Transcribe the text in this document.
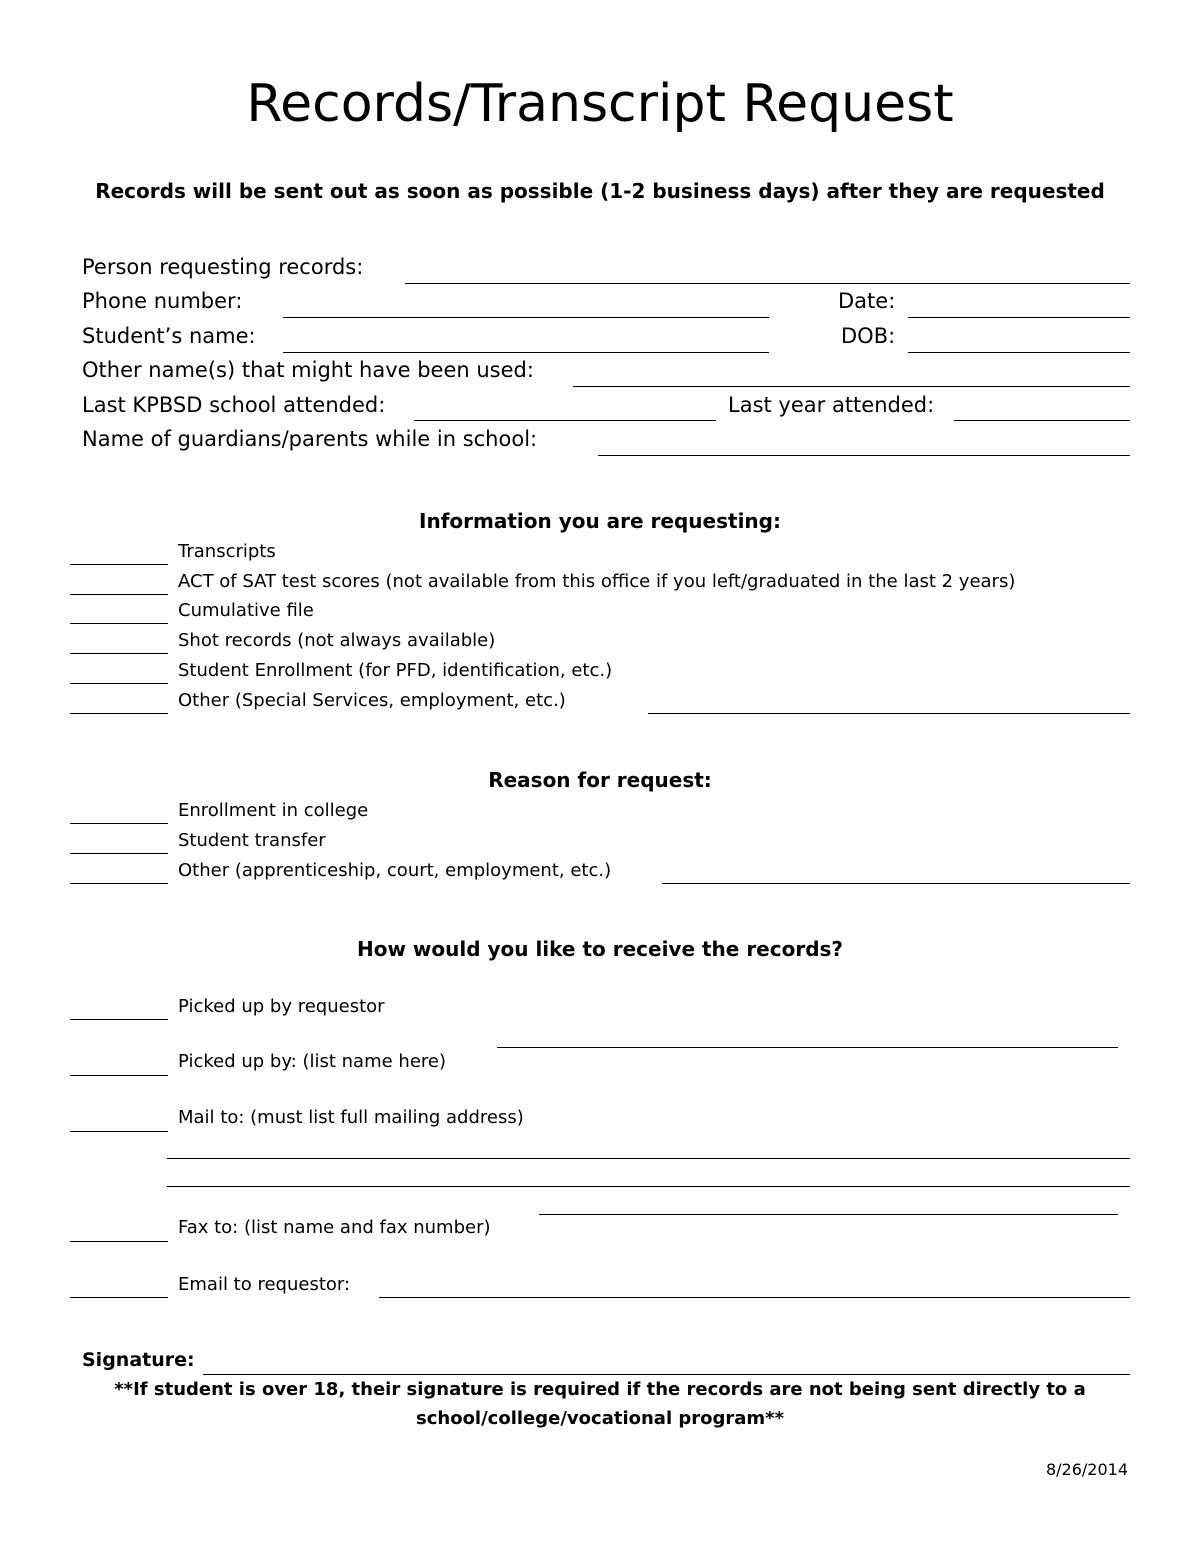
Records/Transcript Request
Records will be sent out as soon as possible (1-2 business days) after they are requested
Person requesting records:
Phone number:	Date:
Student’s name:	DOB:
Other name(s) that might have been used:
Last KPBSD school attended:	Last year attended:
Name of guardians/parents while in school:
Information you are requesting:
Transcripts
ACT of SAT test scores (not available from this office if you left/graduated in the last 2 years)
Cumulative file
Shot records (not always available)
Student Enrollment (for PFD, identification, etc.)
Other (Special Services, employment, etc.)
Reason for request:
Enrollment in college
Student transfer
Other (apprenticeship, court, employment, etc.)
How would you like to receive the records?
Picked up by requestor
Picked up by: (list name here)
Mail to: (must list full mailing address)
Fax to: (list name and fax number)
Email to requestor:
Signature:
**If student is over 18, their signature is required if the records are not being sent directly to a
school/college/vocational program**
8/26/2014
